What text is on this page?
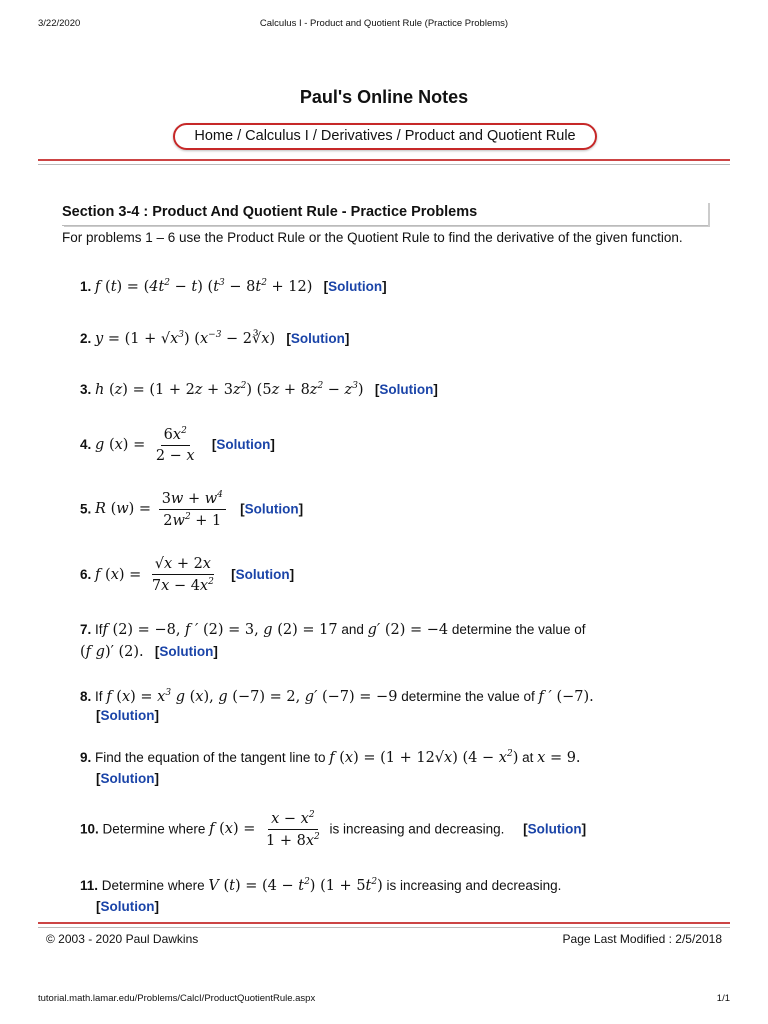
3/22/2020	Calculus I - Product and Quotient Rule (Practice Problems)
Paul's Online Notes
Home / Calculus I / Derivatives / Product and Quotient Rule
Section 3-4 : Product And Quotient Rule - Practice Problems
For problems 1 – 6 use the Product Rule or the Quotient Rule to find the derivative of the given function.
1. f $(t) = (4t^2 - t) (t^3 - 8t^2 + 12)$ [Solution]
2. $y = (1 + √x^3)$ ($x^{-3}$ − 2∛x) [Solution]
3. h $(z) = (1 + 2z + 3z^2)$ $(5z + 8z^2 - z^3)$ [Solution]
4. g $(x) = \frac{6x^2}{2 - x}$ [Solution]
5. R $(w) = \frac{3w + w^4}{2w^2 + 1}$ [Solution]
6. f $(x) = \frac{√x + 2x}{7x - 4x^2}$ [Solution]
7. Iff (2) = −8, f ′ (2) = 3, g (2) = 17 and g′ (2) = −4 determine the value of
(f g)′ (2). [Solution]
8. If f $(x) = x^3$ g (x), g (−7) = 2, g′ (−7) = −9 determine the value of f ′ (−7).
[Solution]
9. Find the equation of the tangent line to f (x) = (1 + 12√x) $(4 - x^2)$ at x = 9.
[Solution]
10. Determine where f $(x) = \frac{x - x^2}{1 + 8x^2}$ is increasing and decreasing. [Solution]
11. Determine where V $(t) = (4 - t^2)$ $(1 + 5t^2)$ is increasing and decreasing.
[Solution]
© 2003 - 2020 Paul Dawkins	Page Last Modified : 2/5/2018
tutorial.math.lamar.edu/Problems/CalcI/ProductQuotientRule.aspx	1/1
